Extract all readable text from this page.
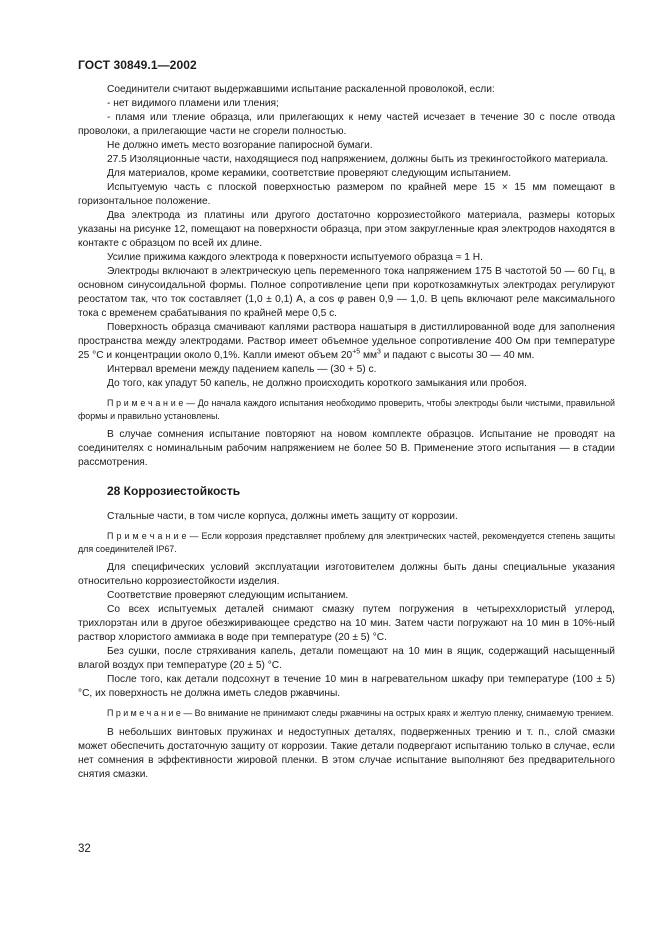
ГОСТ 30849.1—2002

Соединители считают выдержавшими испытание раскаленной проволокой, если:

- нет видимого пламени или тления;

- пламя или тление образца, или прилегающих к нему частей исчезает в течение 30 с после отвода проволоки, а прилегающие части не сгорели полностью.

Не должно иметь место возгорание папиросной бумаги.

27.5 Изоляционные части, находящиеся под напряжением, должны быть из трекингостойкого материала.

Для материалов, кроме керамики, соответствие проверяют следующим испытанием.

Испытуемую часть с плоской поверхностью размером по крайней мере 15 × 15 мм помещают в горизонтальное положение.

Два электрода из платины или другого достаточно коррозиестойкого материала, размеры которых указаны на рисунке 12, помещают на поверхности образца, при этом закругленные края электродов находятся в контакте с образцом по всей их длине.

Усилие прижима каждого электрода к поверхности испытуемого образца ≈ 1 Н.

Электроды включают в электрическую цепь переменного тока напряжением 175 В частотой 50 — 60 Гц, в основном синусоидальной формы. Полное сопротивление цепи при короткозамкнутых электродах регулируют реостатом так, что ток составляет (1,0 ± 0,1) А, а cos φ равен 0,9 — 1,0. В цепь включают реле максимального тока с временем срабатывания по крайней мере 0,5 с.

Поверхность образца смачивают каплями раствора нашатыря в дистиллированной воде для заполнения пространства между электродами. Раствор имеет объемное удельное сопротивление 400 Ом при температуре 25 °С и концентрации около 0,1%. Капли имеют объем $20^{+5}$ $мм^3$ и падают с высоты 30 — 40 мм.

Интервал времени между падением капель — (30 + 5) с.

До того, как упадут 50 капель, не должно происходить короткого замыкания или пробоя.

П р и м е ч а н и е — До начала каждого испытания необходимо проверить, чтобы электроды были чистыми, правильной формы и правильно установлены.

В случае сомнения испытание повторяют на новом комплекте образцов. Испытание не проводят на соединителях с номинальным рабочим напряжением не более 50 В. Применение этого испытания — в стадии рассмотрения.

28 Коррозиестойкость

Стальные части, в том числе корпуса, должны иметь защиту от коррозии.

П р и м е ч а н и е — Если коррозия представляет проблему для электрических частей, рекомендуется степень защиты для соединителей IP67.

Для специфических условий эксплуатации изготовителем должны быть даны специальные указания относительно коррозиестойкости изделия.

Соответствие проверяют следующим испытанием.

Со всех испытуемых деталей снимают смазку путем погружения в четыреххлористый углерод, трихлорэтан или в другое обезжиривающее средство на 10 мин. Затем части погружают на 10 мин в 10%-ный раствор хлористого аммиака в воде при температуре (20 ± 5) °С.

Без сушки, после стряхивания капель, детали помещают на 10 мин в ящик, содержащий насыщенный влагой воздух при температуре (20 ± 5) °С.

После того, как детали подсохнут в течение 10 мин в нагревательном шкафу при температуре (100 ± 5) °С, их поверхность не должна иметь следов ржавчины.

П р и м е ч а н и е — Во внимание не принимают следы ржавчины на острых краях и желтую пленку, снимаемую трением.

В небольших винтовых пружинах и недоступных деталях, подверженных трению и т. п., слой смазки может обеспечить достаточную защиту от коррозии. Такие детали подвергают испытанию только в случае, если нет сомнения в эффективности жировой пленки. В этом случае испытание выполняют без предварительного снятия смазки.

32
